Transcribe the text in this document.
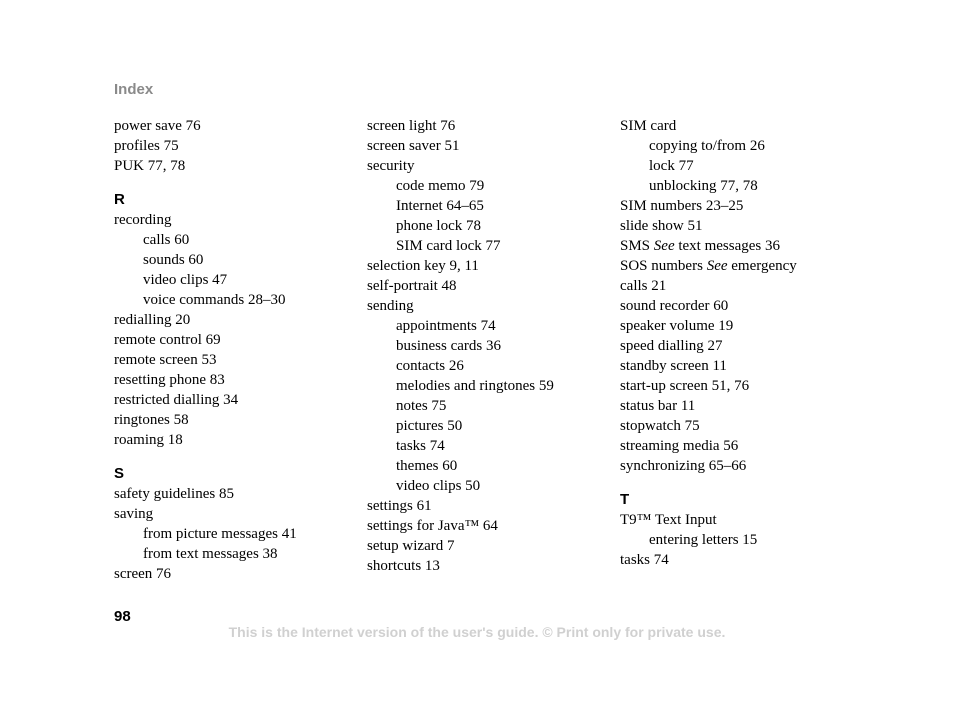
Index
power save 76
profiles 75
PUK 77, 78
R
recording
calls 60
sounds 60
video clips 47
voice commands 28–30
redialling 20
remote control 69
remote screen 53
resetting phone 83
restricted dialling 34
ringtones 58
roaming 18
S
safety guidelines 85
saving
from picture messages 41
from text messages 38
screen 76
screen light 76
screen saver 51
security
code memo 79
Internet 64–65
phone lock 78
SIM card lock 77
selection key 9, 11
self-portrait 48
sending
appointments 74
business cards 36
contacts 26
melodies and ringtones 59
notes 75
pictures 50
tasks 74
themes 60
video clips 50
settings 61
settings for Java™ 64
setup wizard 7
shortcuts 13
SIM card
copying to/from 26
lock 77
unblocking 77, 78
SIM numbers 23–25
slide show 51
SMS See text messages 36
SOS numbers See emergency
calls 21
sound recorder 60
speaker volume 19
speed dialling 27
standby screen 11
start-up screen 51, 76
status bar 11
stopwatch 75
streaming media 56
synchronizing 65–66
T
T9™ Text Input
entering letters 15
tasks 74
98
This is the Internet version of the user's guide. © Print only for private use.
